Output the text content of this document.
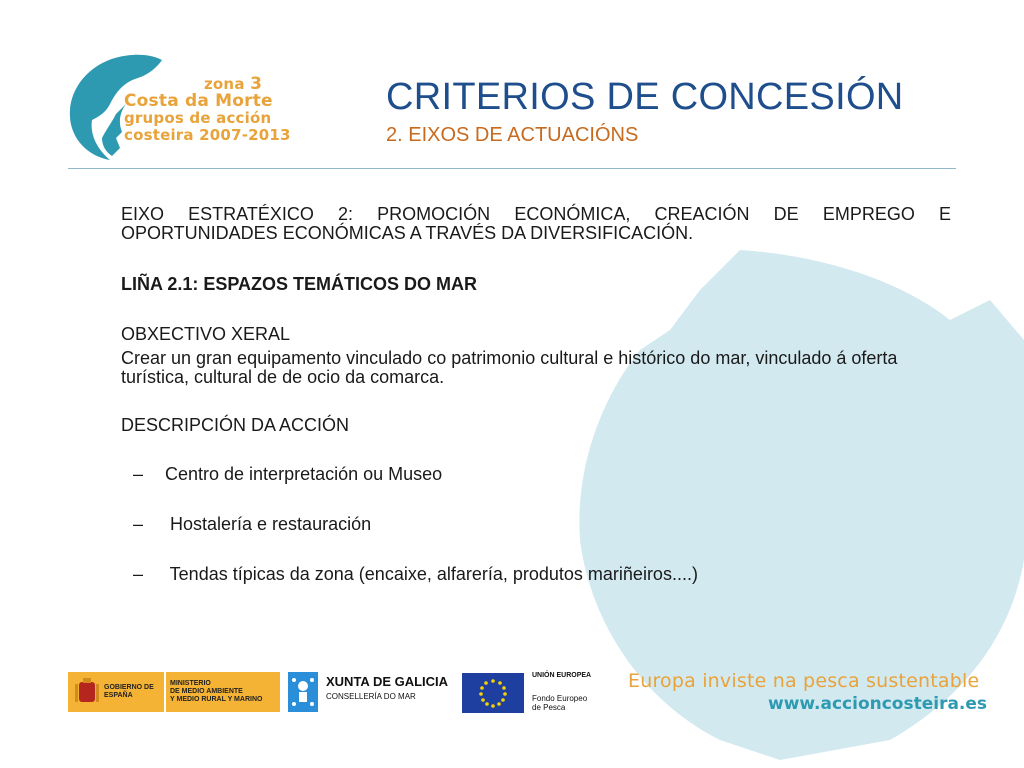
zona 3
Costa da Morte
grupos de acción
costeira 2007-2013
CRITERIOS DE CONCESIÓN
2. EIXOS DE ACTUACIÓNS

EIXO ESTRATÉXICO 2: PROMOCIÓN ECONÓMICA, CREACIÓN DE EMPREGO E OPORTUNIDADES ECONÓMICAS A TRAVÉS DA DIVERSIFICACIÓN.

LIÑA 2.1: ESPAZOS TEMÁTICOS DO MAR

OBXECTIVO XERAL

Crear un gran equipamento vinculado co patrimonio cultural e histórico do mar, vinculado á oferta turística, cultural de de ocio da comarca.

DESCRIPCIÓN DA ACCIÓN

– Centro de interpretación ou Museo
– Hostalería e restauración
– Tendas típicas da zona (encaixe, alfarería, produtos mariñeiros....)
GOBIERNO DE ESPAÑA
MINISTERIO
DE MEDIO AMBIENTE
Y MEDIO RURAL Y MARINO
XUNTA DE GALICIA
CONSELLERÍA DO MAR
UNIÓN EUROPEA
Fondo Europeo
de Pesca
Europa inviste na pesca sustentable
www.accioncosteira.es
